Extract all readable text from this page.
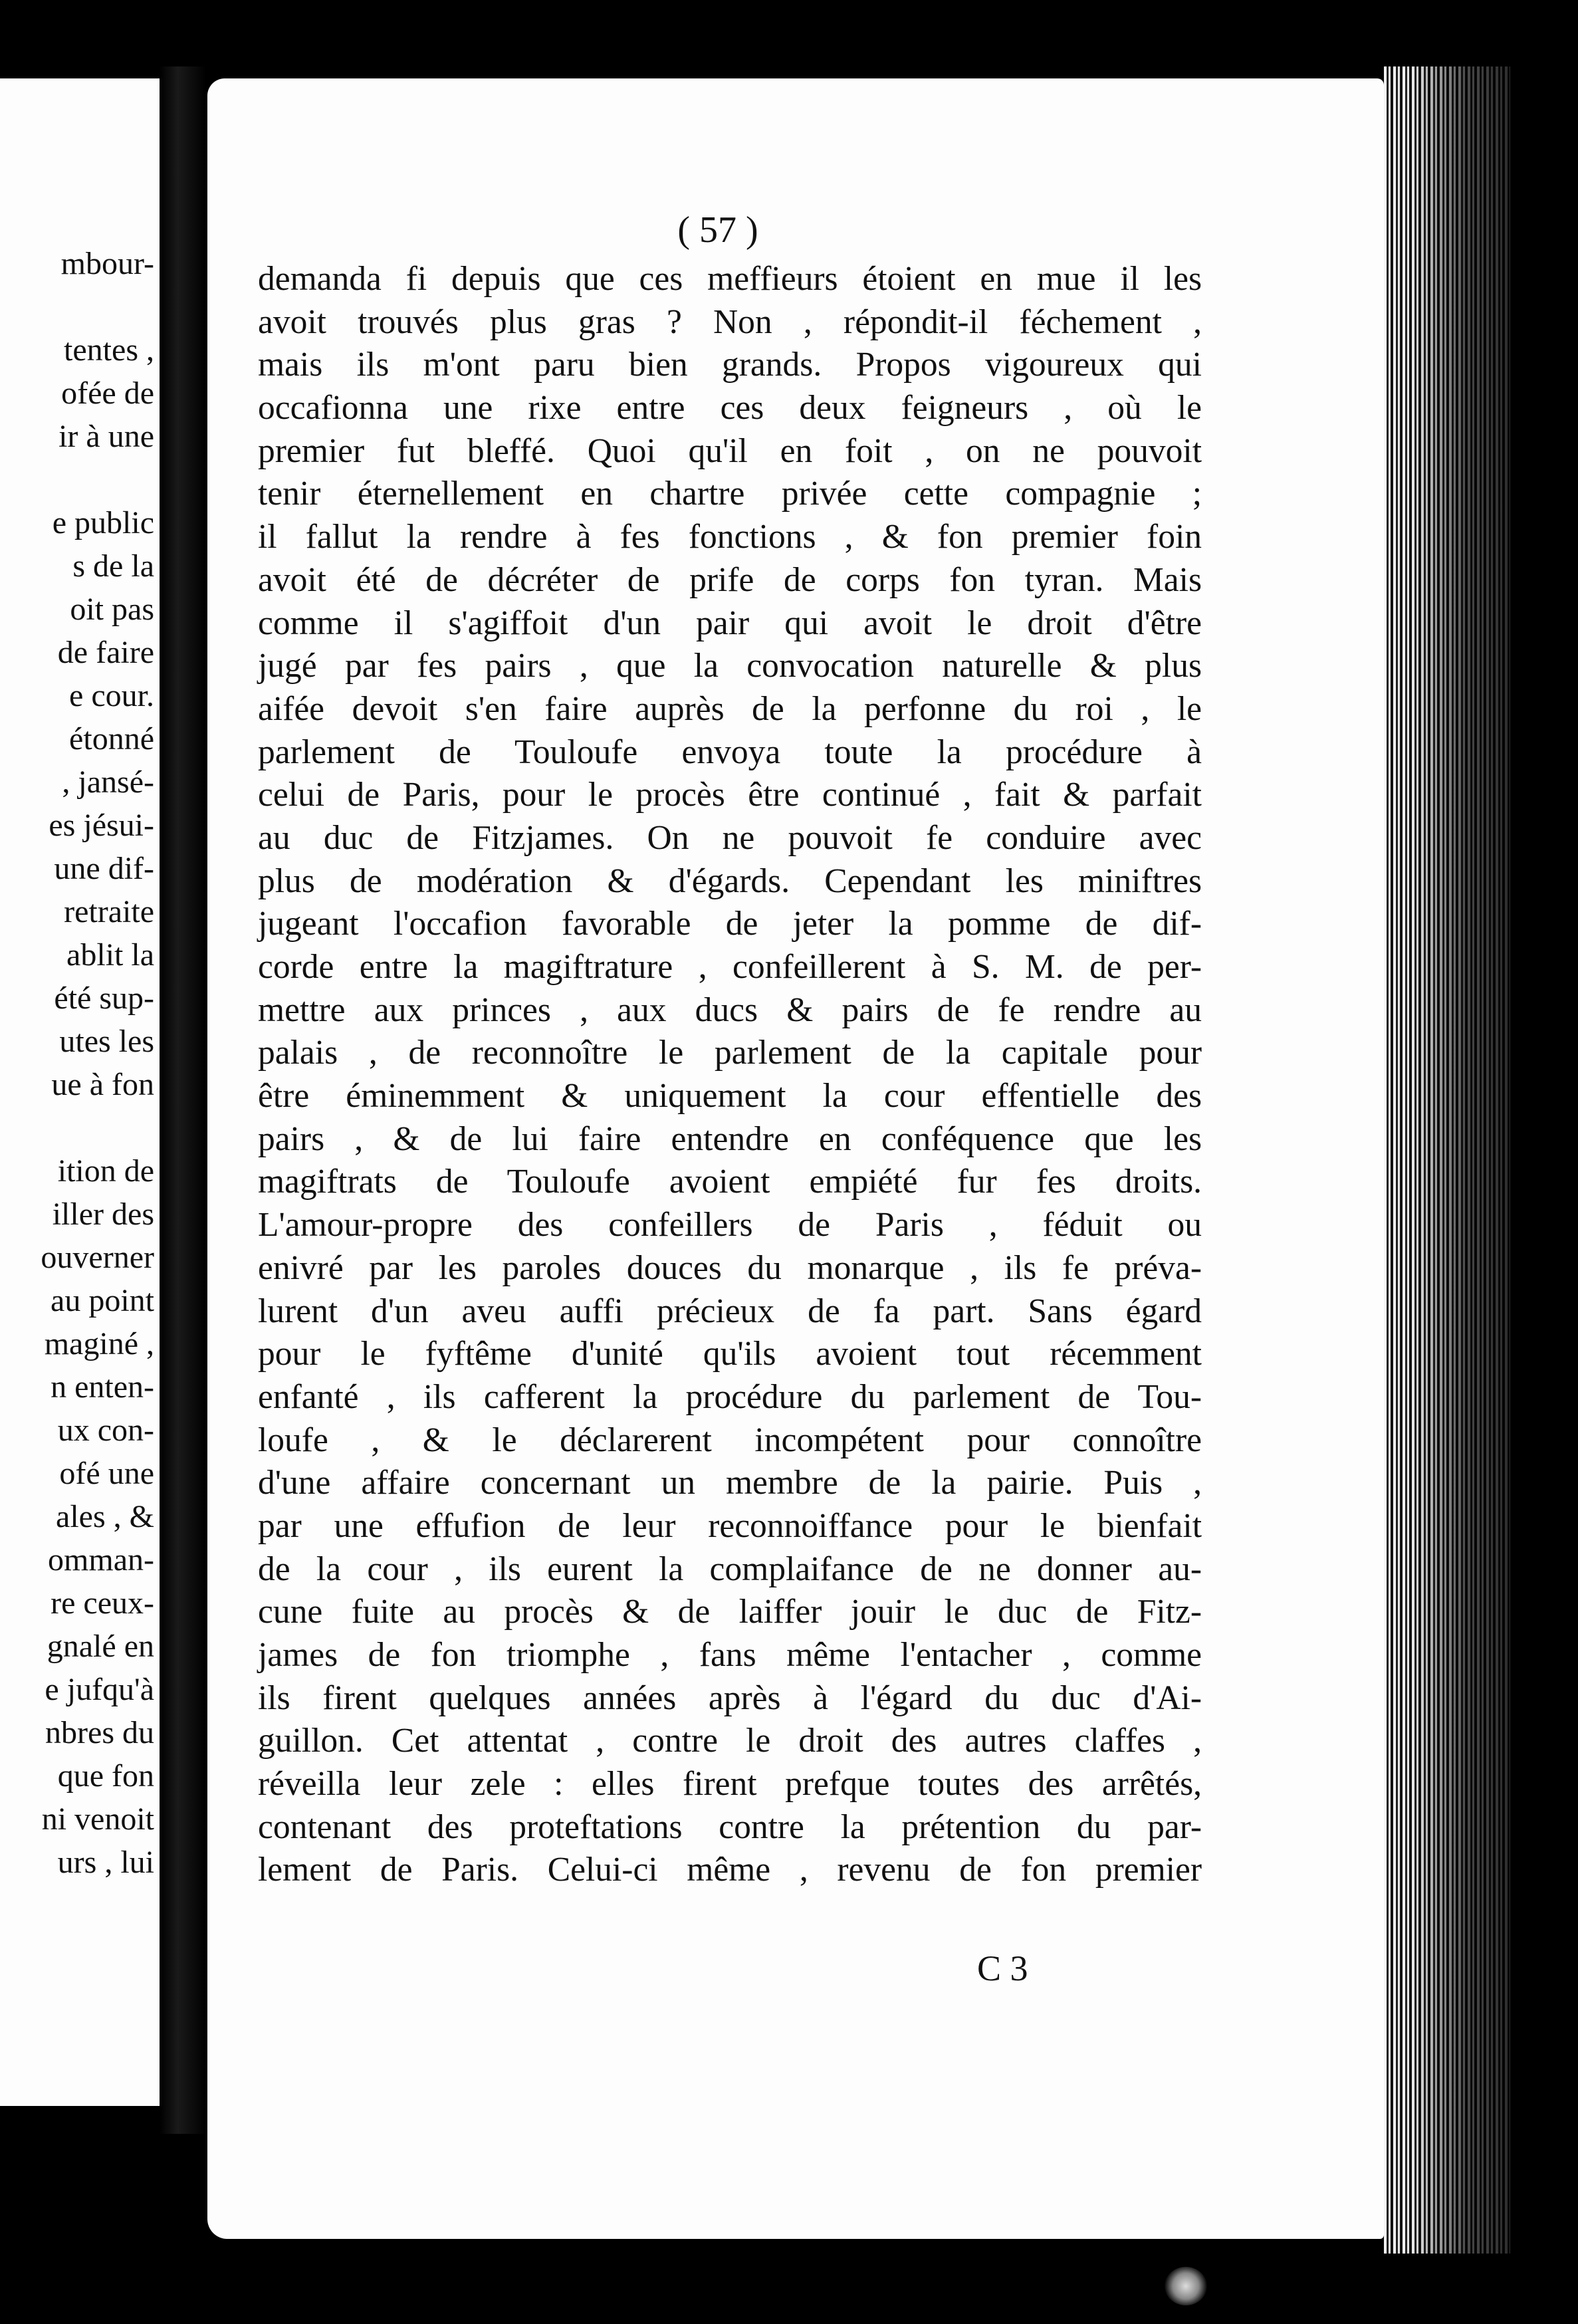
mbour-
tentes ,
ofée de
ir à une
e public
s de la
oit pas
de faire
e cour.
étonné
, jansé-
es jésui-
une dif-
retraite
ablit la
été sup-
utes les
ue à fon
ition de
iller des
ouverner
au point
maginé ,
n enten-
ux con-
ofé une
ales , &
omman-
re ceux-
gnalé en
e jufqu'à
nbres du
que fon
ni venoit
urs , lui
( 57 )
demanda fi depuis que ces meffieurs étoient en mue il les
avoit trouvés plus gras ? Non , répondit-il féchement ,
mais ils m'ont paru bien grands. Propos vigoureux qui
occafionna une rixe entre ces deux feigneurs , où le
premier fut bleffé. Quoi qu'il en foit , on ne pouvoit
tenir éternellement en chartre privée cette compagnie ;
il fallut la rendre à fes fonctions , & fon premier foin
avoit été de décréter de prife de corps fon tyran. Mais
comme il s'agiffoit d'un pair qui avoit le droit d'être
jugé par fes pairs , que la convocation naturelle & plus
aifée devoit s'en faire auprès de la perfonne du roi , le
parlement de Touloufe envoya toute la procédure à
celui de Paris, pour le procès être continué , fait & parfait
au duc de Fitzjames. On ne pouvoit fe conduire avec
plus de modération & d'égards. Cependant les miniftres
jugeant l'occafion favorable de jeter la pomme de dif-
corde entre la magiftrature , confeillerent à S. M. de per-
mettre aux princes , aux ducs & pairs de fe rendre au
palais , de reconnoître le parlement de la capitale pour
être éminemment & uniquement la cour effentielle des
pairs , & de lui faire entendre en conféquence que les
magiftrats de Touloufe avoient empiété fur fes droits.
L'amour-propre des confeillers de Paris , féduit ou
enivré par les paroles douces du monarque , ils fe préva-
lurent d'un aveu auffi précieux de fa part. Sans égard
pour le fyftême d'unité qu'ils avoient tout récemment
enfanté , ils cafferent la procédure du parlement de Tou-
loufe , & le déclarerent incompétent pour connoître
d'une affaire concernant un membre de la pairie. Puis ,
par une effufion de leur reconnoiffance pour le bienfait
de la cour , ils eurent la complaifance de ne donner au-
cune fuite au procès & de laiffer jouir le duc de Fitz-
james de fon triomphe , fans même l'entacher , comme
ils firent quelques années après à l'égard du duc d'Ai-
guillon. Cet attentat , contre le droit des autres claffes ,
réveilla leur zele : elles firent prefque toutes des arrêtés,
contenant des proteftations contre la prétention du par-
lement de Paris. Celui-ci même , revenu de fon premier
C 3
